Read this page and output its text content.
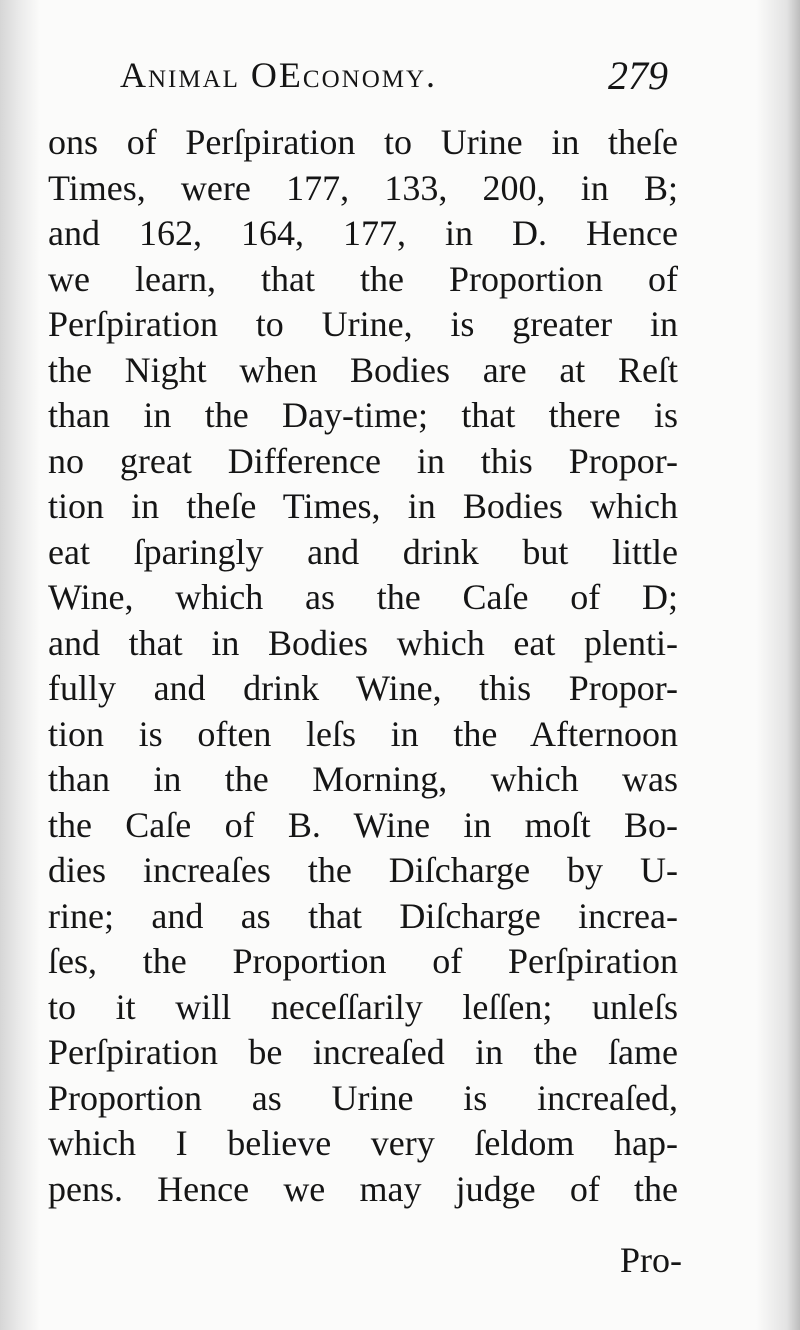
Animal OEconomy.	279
ons of Perſpiration to Urine in theſe
Times, were 177, 133, 200, in B;
and 162, 164, 177, in D. Hence
we learn, that the Proportion of
Perſpiration to Urine, is greater in
the Night when Bodies are at Reſt
than in the Day-time; that there is
no great Difference in this Propor-
tion in theſe Times, in Bodies which
eat ſparingly and drink but little
Wine, which as the Caſe of D;
and that in Bodies which eat plenti-
fully and drink Wine, this Propor-
tion is often leſs in the Afternoon
than in the Morning, which was
the Caſe of B. Wine in moſt Bo-
dies increaſes the Diſcharge by U-
rine; and as that Diſcharge increa-
ſes, the Proportion of Perſpiration
to it will neceſſarily leſſen; unleſs
Perſpiration be increaſed in the ſame
Proportion as Urine is increaſed,
which I believe very ſeldom hap-
pens. Hence we may judge of the
Pro-
